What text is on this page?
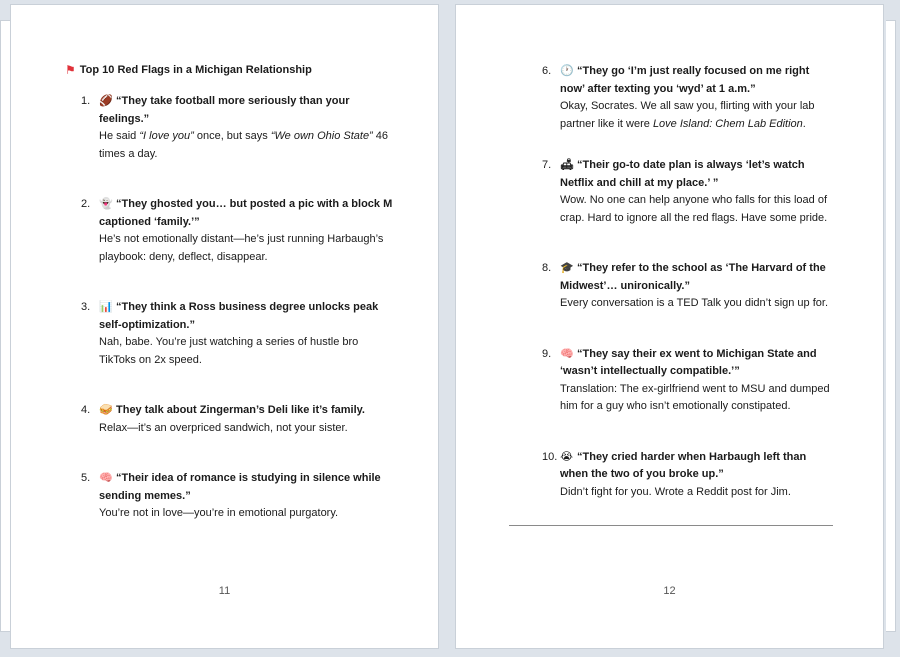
⚑ Top 10 Red Flags in a Michigan Relationship
1. 🏈 “They take football more seriously than your feelings.”
He said “I love you” once, but says “We own Ohio State” 46 times a day.
2. 👻 “They ghosted you… but posted a pic with a block M captioned ‘family.’”
He’s not emotionally distant—he’s just running Harbaugh’s playbook: deny, deflect, disappear.
3. 📊 “They think a Ross business degree unlocks peak self-optimization.”
Nah, babe. You’re just watching a series of hustle bro TikToks on 2x speed.
4. 🥪 They talk about Zingerman’s Deli like it’s family.
Relax—it’s an overpriced sandwich, not your sister.
5. 🧠 “Their idea of romance is studying in silence while sending memes.”
You’re not in love—you’re in emotional purgatory.
11
6. 🕐 “They go ‘I’m just really focused on me right now’ after texting you ‘wyd’ at 1 a.m.”
Okay, Socrates. We all saw you, flirting with your lab partner like it were Love Island: Chem Lab Edition.
7. 🛋 “Their go-to date plan is always ‘let’s watch Netflix and chill at my place.’ ”
Wow. No one can help anyone who falls for this load of crap. Hard to ignore all the red flags. Have some pride.
8. 🎓 “They refer to the school as ‘The Harvard of the Midwest’… unironically.”
Every conversation is a TED Talk you didn’t sign up for.
9. 🧠 “They say their ex went to Michigan State and ‘wasn’t intellectually compatible.’”
Translation: The ex-girlfriend went to MSU and dumped him for a guy who isn’t emotionally constipated.
10. 😭 “They cried harder when Harbaugh left than when the two of you broke up.”
Didn’t fight for you. Wrote a Reddit post for Jim.
12
